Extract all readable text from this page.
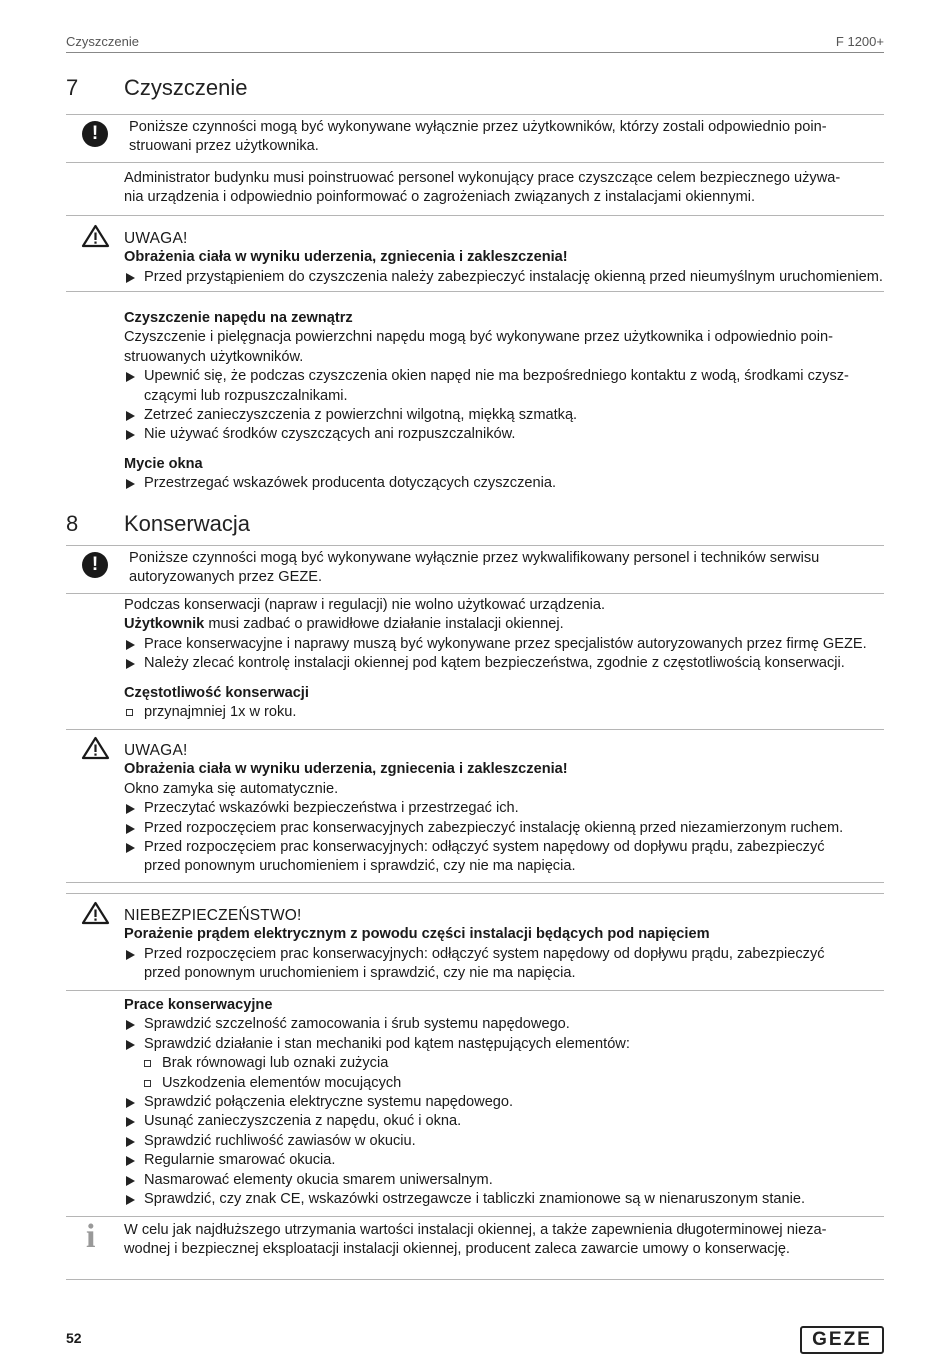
Czyszczenie	F 1200+
7 Czyszczenie
!	Poniższe czynności mogą być wykonywane wyłącznie przez użytkowników, którzy zostali odpowiednio poin-

struowani przez użytkownika.

Administrator budynku musi poinstruować personel wykonujący prace czyszczące celem bezpiecznego używa-

nia urządzenia i odpowiednio poinformować o zagrożeniach związanych z instalacjami okiennymi.

UWAGA!

Obrażenia ciała w wyniku uderzenia, zgniecenia i zakleszczenia!

Przed przystąpieniem do czyszczenia należy zabezpieczyć instalację okienną przed nieumyślnym uruchomieniem.

Czyszczenie napędu na zewnątrz

Czyszczenie i pielęgnacja powierzchni napędu mogą być wykonywane przez użytkownika i odpowiednio poin-

struowanych użytkowników.

Upewnić się, że podczas czyszczenia okien napęd nie ma bezpośredniego kontaktu z wodą, środkami czysz-

czącymi lub rozpuszczalnikami.

Zetrzeć zanieczyszczenia z powierzchni wilgotną, miękką szmatką.

Nie używać środków czyszczących ani rozpuszczalników.

Mycie okna

Przestrzegać wskazówek producenta dotyczących czyszczenia.

8 Konserwacja
!	Poniższe czynności mogą być wykonywane wyłącznie przez wykwalifikowany personel i techników serwisu

autoryzowanych przez GEZE.

Podczas konserwacji (napraw i regulacji) nie wolno użytkować urządzenia.

Użytkownik musi zadbać o prawidłowe działanie instalacji okiennej.

Prace konserwacyjne i naprawy muszą być wykonywane przez specjalistów autoryzowanych przez firmę GEZE.

Należy zlecać kontrolę instalacji okiennej pod kątem bezpieczeństwa, zgodnie z częstotliwością konserwacji.

Częstotliwość konserwacji

przynajmniej 1x w roku.

UWAGA!

Obrażenia ciała w wyniku uderzenia, zgniecenia i zakleszczenia!

Okno zamyka się automatycznie.

Przeczytać wskazówki bezpieczeństwa i przestrzegać ich.

Przed rozpoczęciem prac konserwacyjnych zabezpieczyć instalację okienną przed niezamierzonym ruchem.

Przed rozpoczęciem prac konserwacyjnych: odłączyć system napędowy od dopływu prądu, zabezpieczyć

przed ponownym uruchomieniem i sprawdzić, czy nie ma napięcia.

NIEBEZPIECZEŃSTWO!

Porażenie prądem elektrycznym z powodu części instalacji będących pod napięciem

Przed rozpoczęciem prac konserwacyjnych: odłączyć system napędowy od dopływu prądu, zabezpieczyć

przed ponownym uruchomieniem i sprawdzić, czy nie ma napięcia.

Prace konserwacyjne

Sprawdzić szczelność zamocowania i śrub systemu napędowego.

Sprawdzić działanie i stan mechaniki pod kątem następujących elementów:

Brak równowagi lub oznaki zużycia

Uszkodzenia elementów mocujących

Sprawdzić połączenia elektryczne systemu napędowego.

Usunąć zanieczyszczenia z napędu, okuć i okna.

Sprawdzić ruchliwość zawiasów w okuciu.

Regularnie smarować okucia.

Nasmarować elementy okucia smarem uniwersalnym.

Sprawdzić, czy znak CE, wskazówki ostrzegawcze i tabliczki znamionowe są w nienaruszonym stanie.

i W celu jak najdłuższego utrzymania wartości instalacji okiennej, a także zapewnienia długoterminowej nieza-

wodnej i bezpiecznej eksploatacji instalacji okiennej, producent zaleca zawarcie umowy o konserwację.

52	GEZE
